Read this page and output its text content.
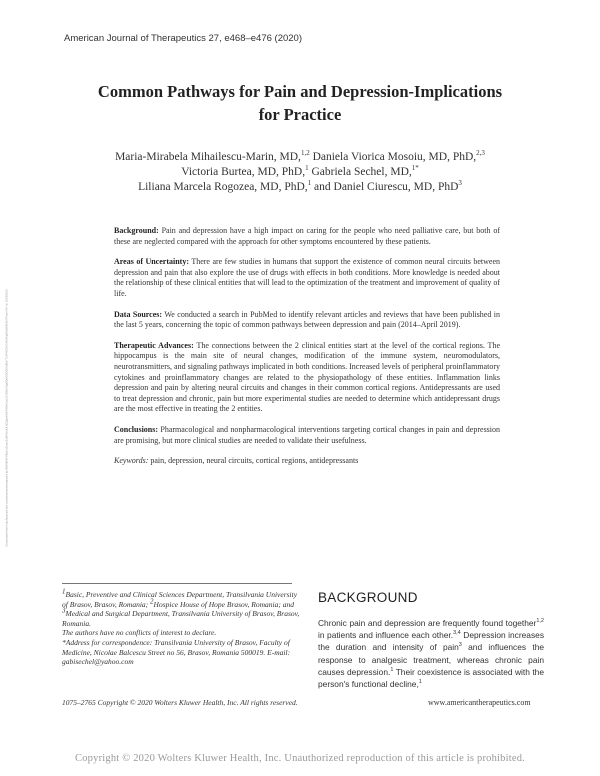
American Journal of Therapeutics 27, e468–e476 (2020)
Common Pathways for Pain and Depression-Implications
for Practice
Maria-Mirabela Mihailescu-Marin, MD,$^{1,2}$ Daniela Viorica Mosoiu, MD, PhD,$^{2,3}$
Victoria Burtea, MD, PhD,$^1$ Gabriela Sechel, MD,$^{1*}$
Liliana Marcela Rogozea, MD, PhD,$^1$ and Daniel Ciurescu, MD, PhD$^3$
Downloaded from http://journals.lww.com/americantherapeutics by BhDMf5ePHKav1zEoum1tQfN4a+kJLhEZgbsIHo4XMi0hCywCX1AWnYQp/IlQrHD3i3D0OdRyi7TvSFl4Cf3VC4/OAVpDDa8KKGKV0Ymy+78= on 10/25/2023

Background: Pain and depression have a high impact on caring for the people who need palliative care, but both of these are neglected compared with the approach for other symptoms encountered by these patients.

Areas of Uncertainty: There are few studies in humans that support the existence of common neural circuits between depression and pain that also explore the use of drugs with effects in both conditions. More knowledge is needed about the relationship of these clinical entities that will lead to the optimization of the treatment and improvement of quality of life.

Data Sources: We conducted a search in PubMed to identify relevant articles and reviews that have been published in the last 5 years, concerning the topic of common pathways between depression and pain (2014–April 2019).

Therapeutic Advances: The connections between the 2 clinical entities start at the level of the cortical regions. The hippocampus is the main site of neural changes, modification of the immune system, neuromodulators, neurotransmitters, and signaling pathways implicated in both conditions. Increased levels of peripheral proinflammatory cytokines and proinflammatory changes are related to the physiopathology of these entities. Inflammation links depression and pain by altering neural circuits and changes in their common cortical regions. Antidepressants are used to treat depression and chronic, pain but more experimental studies are needed to determine which antidepressant drugs are the most effective in treating the 2 entities.

Conclusions: Pharmacological and nonpharmacological interventions targeting cortical changes in pain and depression are promising, but more clinical studies are needed to validate their usefulness.

Keywords: pain, depression, neural circuits, cortical regions, antidepressants

1Basic, Preventive and Clinical Sciences Department, Transilvania University of Brasov, Brasov, Romania; 2Hospice House of Hope Brasov, Romania; and 3Medical and Surgical Department, Transilvania University of Brasov, Brasov, Romania.

The authors have no conflicts of interest to declare.

*Address for correspondence: Transilvania University of Brasov, Faculty of Medicine, Nicolae Balcescu Street no 56, Brasov, Romania 500019. E-mail: gabisechel@yahoo.com

BACKGROUND
Chronic pain and depression are frequently found together$^{1,2}$ in patients and influence each other.$^{3,4}$ Depression increases the duration and intensity of pain$^3$ and influences the response to analgesic treatment, whereas chronic pain causes depression.$^1$ Their coexistence is associated with the person's functional decline,$^1$
1075–2765 Copyright © 2020 Wolters Kluwer Health, Inc. All rights reserved.	www.americantherapeutics.com
Copyright © 2020 Wolters Kluwer Health, Inc. Unauthorized reproduction of this article is prohibited.
